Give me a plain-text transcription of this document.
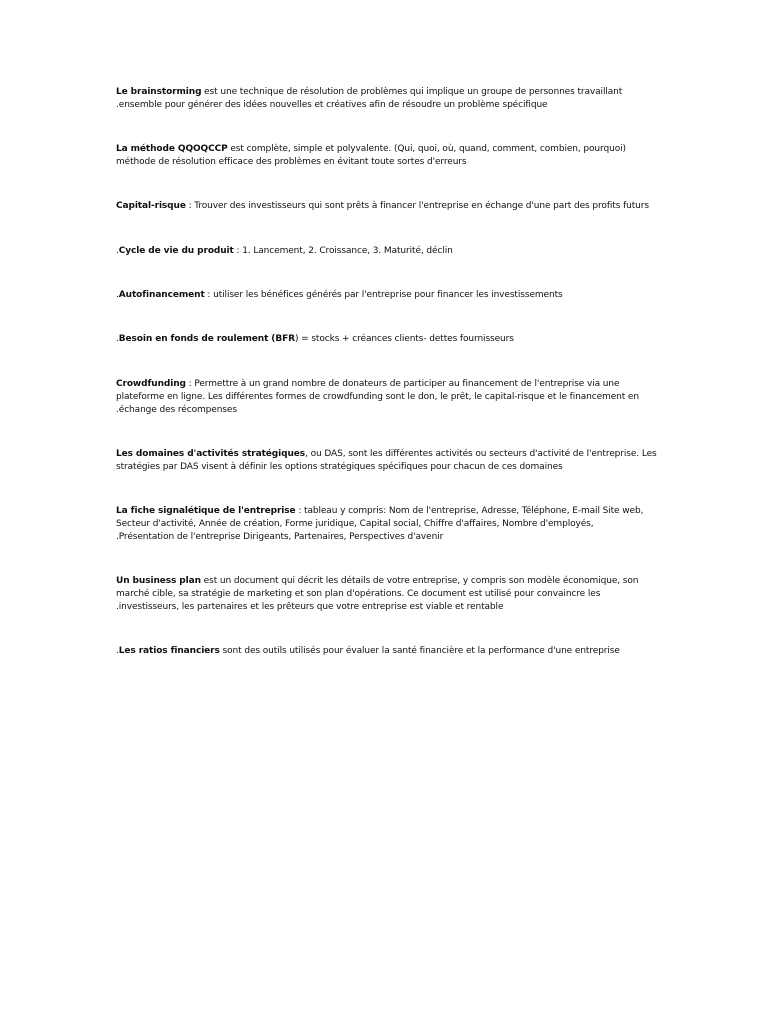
Le brainstorming est une technique de résolution de problèmes qui implique un groupe de personnes travaillant
.ensemble pour générer des idées nouvelles et créatives afin de résoudre un problème spécifique

La méthode QQOQCCP est complète, simple et polyvalente. (Qui, quoi, où, quand, comment, combien, pourquoi)
méthode de résolution efficace des problèmes en évitant toute sortes d'erreurs

Capital-risque : Trouver des investisseurs qui sont prêts à financer l'entreprise en échange d'une part des profits futurs

.Cycle de vie du produit : 1. Lancement, 2. Croissance, 3. Maturité, déclin

.Autofinancement : utiliser les bénéfices générés par l'entreprise pour financer les investissements

.Besoin en fonds de roulement (BFR) = stocks + créances clients- dettes fournisseurs

Crowdfunding : Permettre à un grand nombre de donateurs de participer au financement de l'entreprise via une
plateforme en ligne. Les différentes formes de crowdfunding sont le don, le prêt, le capital-risque et le financement en
.échange des récompenses

Les domaines d'activités stratégiques, ou DAS, sont les différentes activités ou secteurs d'activité de l'entreprise. Les
stratégies par DAS visent à définir les options stratégiques spécifiques pour chacun de ces domaines

La fiche signalétique de l'entreprise : tableau y compris: Nom de l'entreprise, Adresse, Téléphone, E-mail Site web,
Secteur d'activité, Année de création, Forme juridique, Capital social, Chiffre d'affaires, Nombre d'employés,
.Présentation de l'entreprise Dirigeants, Partenaires, Perspectives d'avenir

Un business plan est un document qui décrit les détails de votre entreprise, y compris son modèle économique, son
marché cible, sa stratégie de marketing et son plan d'opérations. Ce document est utilisé pour convaincre les
.investisseurs, les partenaires et les prêteurs que votre entreprise est viable et rentable

.Les ratios financiers sont des outils utilisés pour évaluer la santé financière et la performance d'une entreprise
